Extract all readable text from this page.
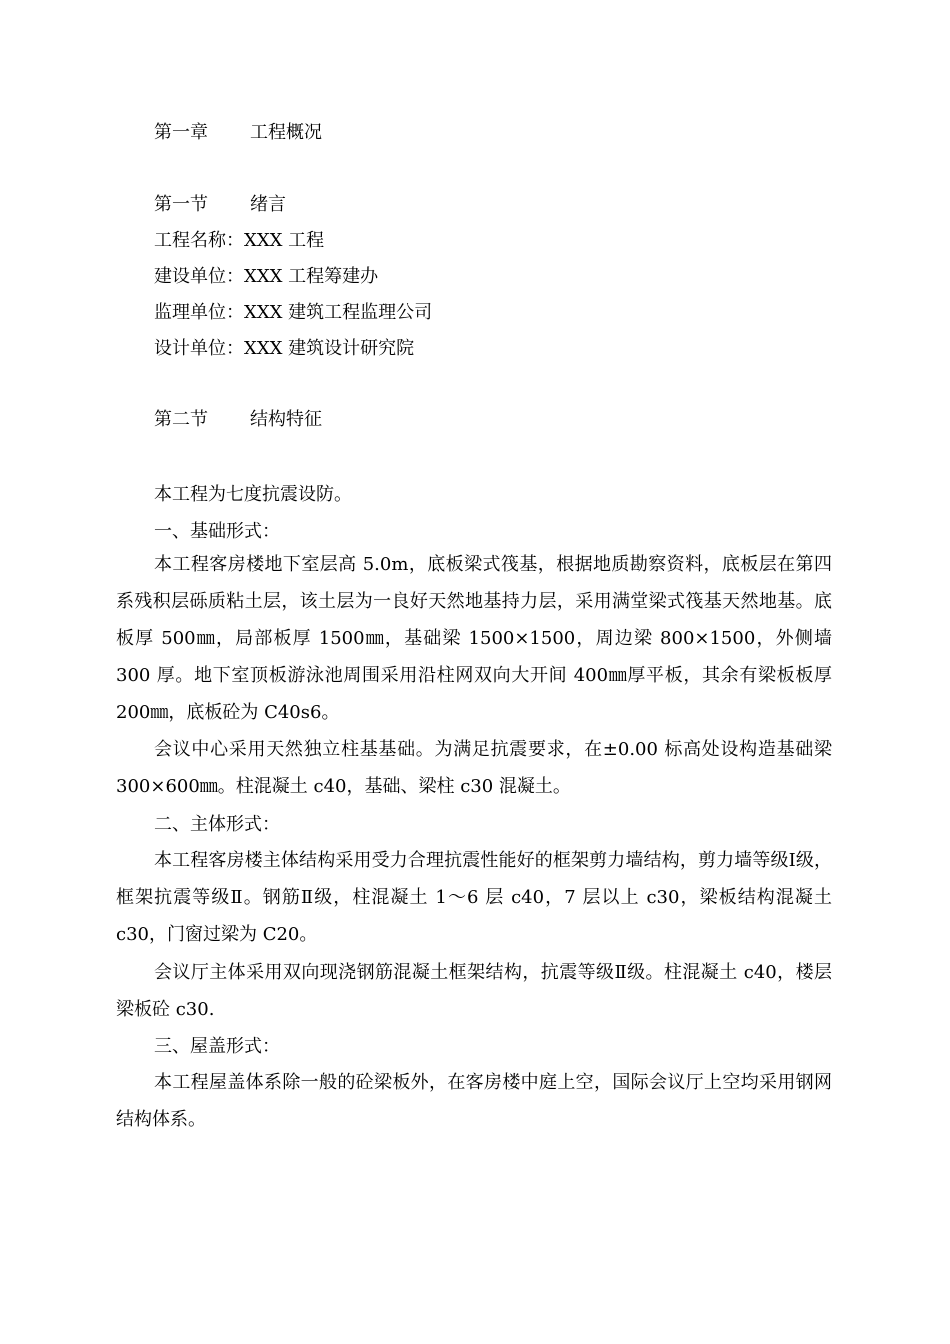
第一章 工程概况
第一节 绪言
工程名称：XXX 工程
建设单位：XXX 工程筹建办
监理单位：XXX 建筑工程监理公司
设计单位：XXX 建筑设计研究院
第二节 结构特征
本工程为七度抗震设防。
一、基础形式：
本工程客房楼地下室层高 5.0m，底板梁式筏基，根据地质勘察资料，底板层在第四系残积层砾质粘土层，该土层为一良好天然地基持力层，采用满堂梁式筏基天然地基。底板厚 500㎜，局部板厚 1500㎜，基础梁 1500×1500，周边梁 800×1500，外侧墙 300 厚。地下室顶板游泳池周围采用沿柱网双向大开间 400㎜厚平板，其余有梁板板厚 200㎜，底板砼为 C40s6。
会议中心采用天然独立柱基基础。为满足抗震要求，在±0.00 标高处设构造基础梁 300×600㎜。柱混凝土 c40，基础、梁柱 c30 混凝土。
二、主体形式：
本工程客房楼主体结构采用受力合理抗震性能好的框架剪力墙结构，剪力墙等级Ⅰ级，框架抗震等级Ⅱ。钢筋Ⅱ级，柱混凝土 1～6 层 c40，7 层以上 c30，梁板结构混凝土 c30，门窗过梁为 C20。
会议厅主体采用双向现浇钢筋混凝土框架结构，抗震等级Ⅱ级。柱混凝土 c40，楼层梁板砼 c30.
三、屋盖形式：
本工程屋盖体系除一般的砼梁板外，在客房楼中庭上空，国际会议厅上空均采用钢网结构体系。
